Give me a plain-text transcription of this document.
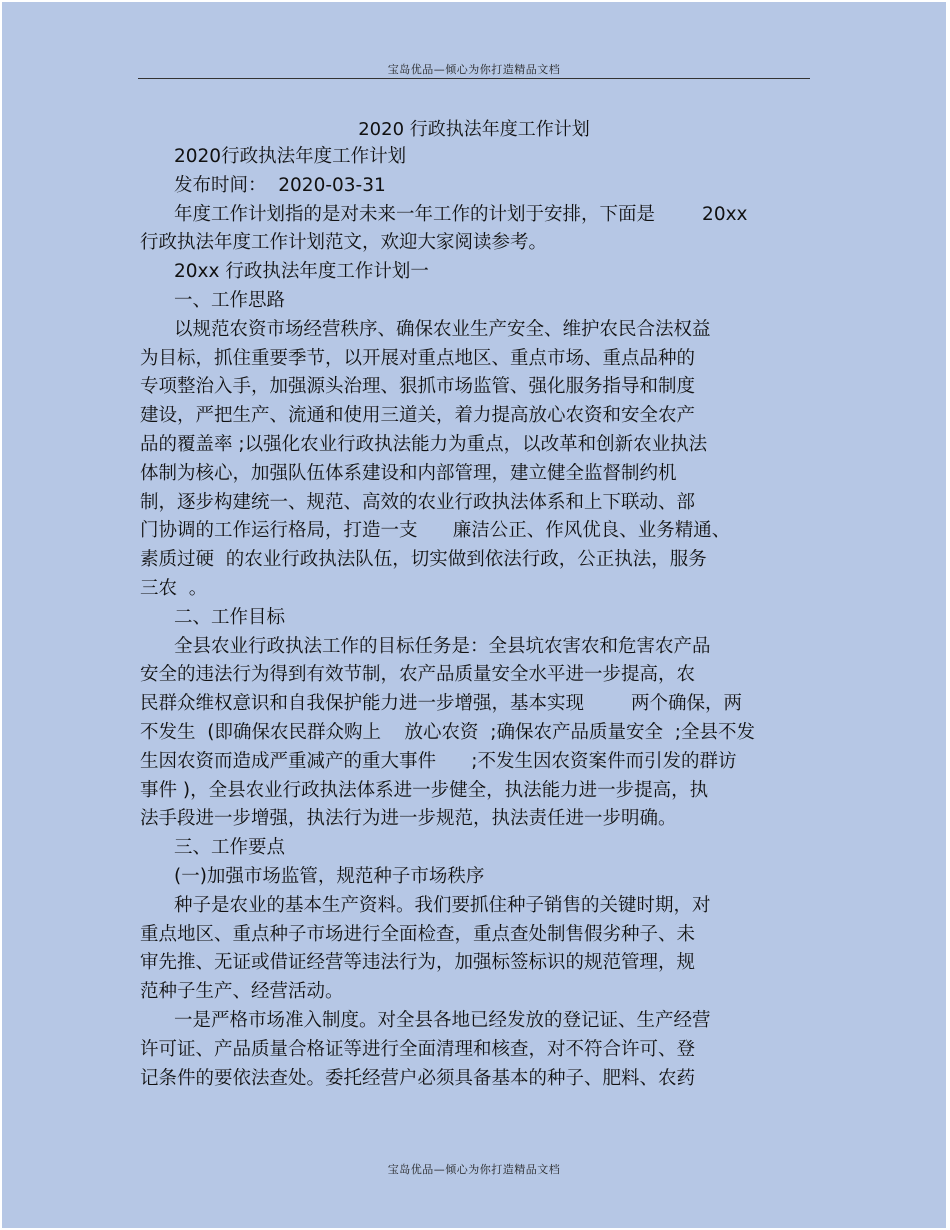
宝岛优品—倾心为你打造精品文档
2020 行政执法年度工作计划
2020行政执法年度工作计划
发布时间：  2020-03-31
年度工作计划指的是对未来一年工作的计划于安排，下面是        20xx
行政执法年度工作计划范文，欢迎大家阅读参考。
20xx 行政执法年度工作计划一
一、工作思路
以规范农资市场经营秩序、确保农业生产安全、维护农民合法权益
为目标，抓住重要季节，以开展对重点地区、重点市场、重点品种的
专项整治入手，加强源头治理、狠抓市场监管、强化服务指导和制度
建设，严把生产、流通和使用三道关，着力提高放心农资和安全农产
品的覆盖率 ;以强化农业行政执法能力为重点，以改革和创新农业执法
体制为核心，加强队伍体系建设和内部管理，建立健全监督制约机
制，逐步构建统一、规范、高效的农业行政执法体系和上下联动、部
门协调的工作运行格局，打造一支      廉洁公正、作风优良、业务精通、
素质过硬  的农业行政执法队伍，切实做到依法行政，公正执法，服务
三农  。
二、工作目标
全县农业行政执法工作的目标任务是：全县坑农害农和危害农产品
安全的违法行为得到有效节制，农产品质量安全水平进一步提高，农
民群众维权意识和自我保护能力进一步增强，基本实现        两个确保，两
不发生  (即确保农民群众购上    放心农资  ;确保农产品质量安全  ;全县不发
生因农资而造成严重减产的重大事件      ;不发生因农资案件而引发的群访
事件 )，全县农业行政执法体系进一步健全，执法能力进一步提高，执
法手段进一步增强，执法行为进一步规范，执法责任进一步明确。
三、工作要点
(一)加强市场监管，规范种子市场秩序
种子是农业的基本生产资料。我们要抓住种子销售的关键时期，对
重点地区、重点种子市场进行全面检查，重点查处制售假劣种子、未
审先推、无证或借证经营等违法行为，加强标签标识的规范管理，规
范种子生产、经营活动。
一是严格市场准入制度。对全县各地已经发放的登记证、生产经营
许可证、产品质量合格证等进行全面清理和核查，对不符合许可、登
记条件的要依法查处。委托经营户必须具备基本的种子、肥料、农药
宝岛优品—倾心为你打造精品文档
